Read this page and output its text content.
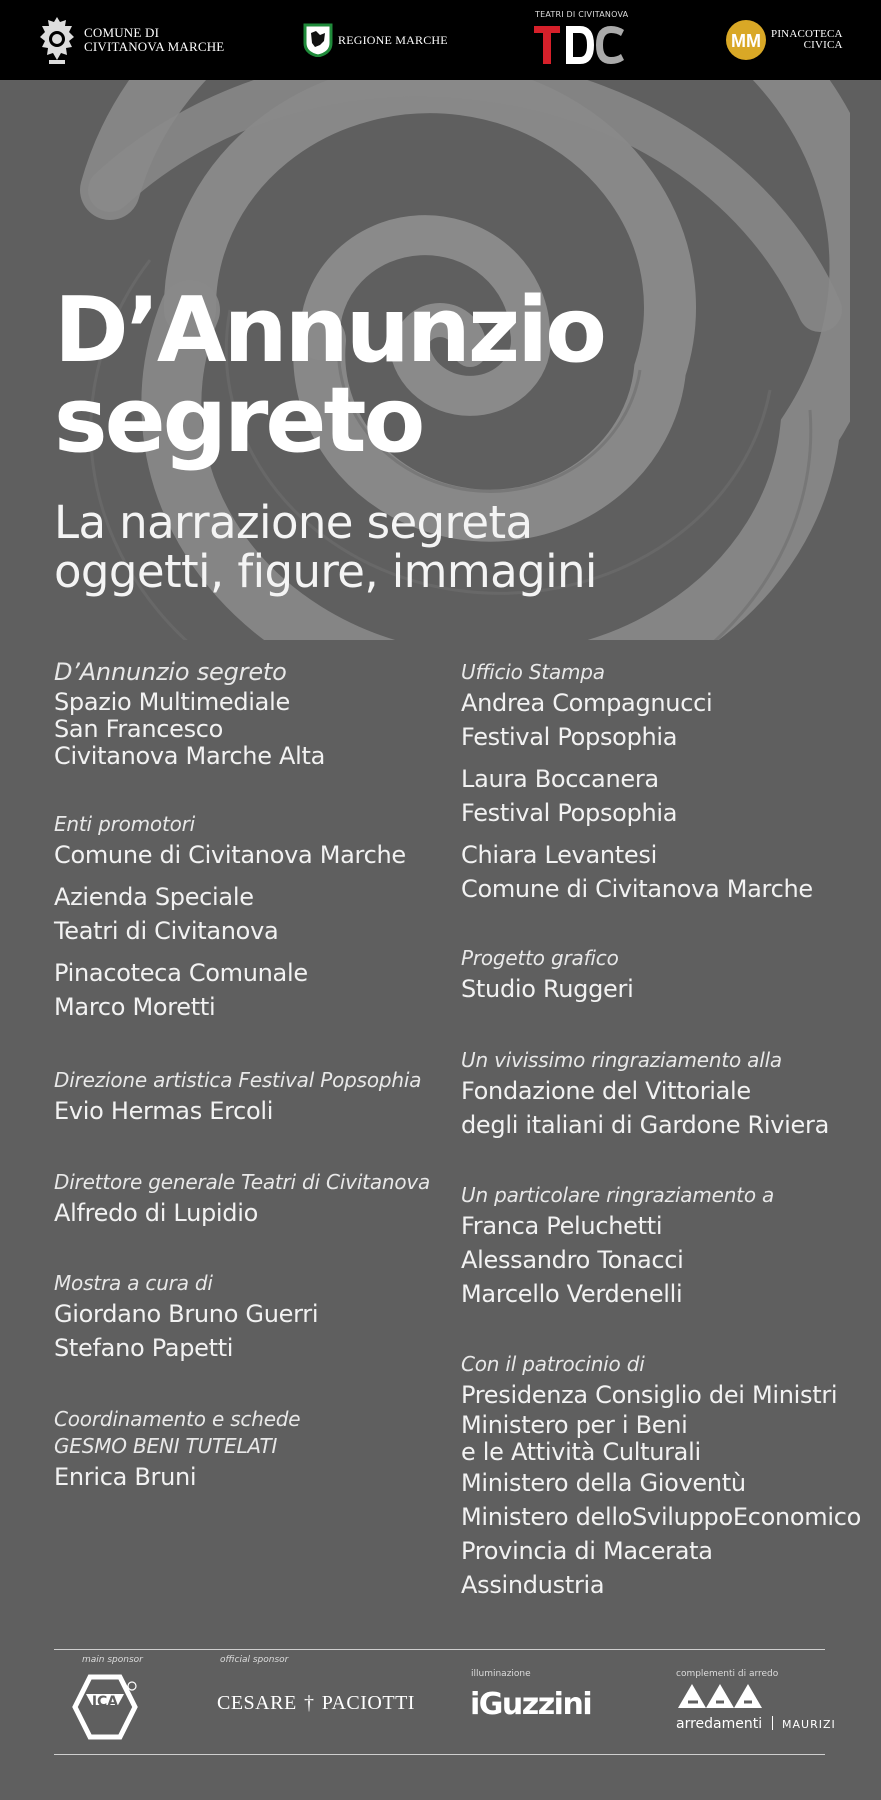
COMUNE DI
CIVITANOVA MARCHE	REGIONE MARCHE
TEATRI DI CIVITANOVA
MM PINACOTECA
CIVICA
D’Annunzio
segreto
La narrazione segreta
oggetti, figure, immagini
D’Annunzio segreto
Spazio Multimediale
San Francesco
Civitanova Marche Alta
Enti promotori
Comune di Civitanova Marche
Azienda Speciale
Teatri di Civitanova
Pinacoteca Comunale
Marco Moretti
Direzione artistica Festival Popsophia
Evio Hermas Ercoli
Direttore generale Teatri di Civitanova
Alfredo di Lupidio
Mostra a cura di
Giordano Bruno Guerri
Stefano Papetti
Coordinamento e schede
GESMO BENI TUTELATI
Enrica Bruni
Ufficio Stampa
Andrea Compagnucci
Festival Popsophia
Laura Boccanera
Festival Popsophia
Chiara Levantesi
Comune di Civitanova Marche
Progetto grafico
Studio Ruggeri
Un vivissimo ringraziamento alla
Fondazione del Vittoriale
degli italiani di Gardone Riviera
Un particolare ringraziamento a
Franca Peluchetti
Alessandro Tonacci
Marcello Verdenelli
Con il patrocinio di
Presidenza Consiglio dei Ministri
Ministero per i Beni
e le Attività Culturali
Ministero della Gioventù
Ministero delloSviluppoEconomico
Provincia di Macerata
Assindustria
main sponsor
ICA
official sponsor
CESARE † PACIOTTI
illuminazione
iGuzzini
complementi di arredo
arredamenti MAURIZI
